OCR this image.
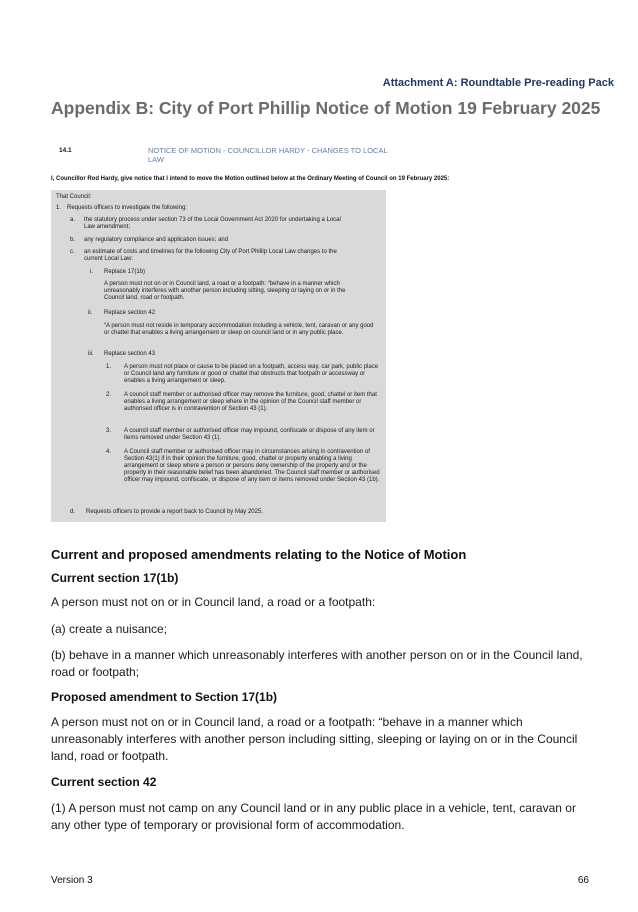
Attachment A: Roundtable Pre-reading Pack
Appendix B: City of Port Phillip Notice of Motion 19 February 2025
14.1	NOTICE OF MOTION - COUNCILLOR HARDY - CHANGES TO LOCAL LAW
I, Councillor Rod Hardy, give notice that I intend to move the Motion outlined below at the Ordinary Meeting of Council on 19 February 2025:
That Council:
1. Requests officers to investigate the following:
a. the statutory process under section 73 of the Local Government Act 2020 for undertaking a Local Law amendment;

b. any regulatory compliance and application issues; and

c. an estimate of costs and timelines for the following City of Port Phillip Local Law changes to the current Local Law:

i. Replace 17(1b)

A person must not on or in Council land, a road or a footpath: “behave in a manner which unreasonably interferes with another person including sitting, sleeping or laying on or in the Council land, road or footpath.

ii. Replace section 42

“A person must not reside in temporary accommodation including a vehicle, tent, caravan or any good or chattel that enables a living arrangement or sleep on council land or in any public place.

iii. Replace section 43
1. A person must not place or cause to be placed on a footpath, access way, car park, public place or Council land any furniture or good or chattel that obstructs that footpath or accessway or enables a living arrangement or sleep.

2. A council staff member or authorised officer may remove the furniture, good, chattel or item that enables a living arrangement or sleep where in the opinion of the Council staff member or authorised officer is in contravention of Section 43 (1).

3. A council staff member or authorised officer may impound, confiscate or dispose of any item or items removed under Section 43 (1).

4. A Council staff member or authorised officer may in circumstances arising in contravention of Section 43(1) if in their opinion the furniture, good, chattel or property enabling a living arrangement or sleep where a person or persons deny ownership of the property and or the property in their reasonable belief has been abandoned. The Council staff member or authorised officer may impound, confiscate, or dispose of any item or items removed under Section 43 (1b).

d. Requests officers to provide a report back to Council by May 2025.
Current and proposed amendments relating to the Notice of Motion
Current section 17(1b)

A person must not on or in Council land, a road or a footpath:

(a) create a nuisance;

(b) behave in a manner which unreasonably interferes with another person on or in the Council land, road or footpath;

Proposed amendment to Section 17(1b)

A person must not on or in Council land, a road or a footpath: “behave in a manner which unreasonably interferes with another person including sitting, sleeping or laying on or in the Council land, road or footpath.

Current section 42

(1) A person must not camp on any Council land or in any public place in a vehicle, tent, caravan or any other type of temporary or provisional form of accommodation.

Version 3	66
